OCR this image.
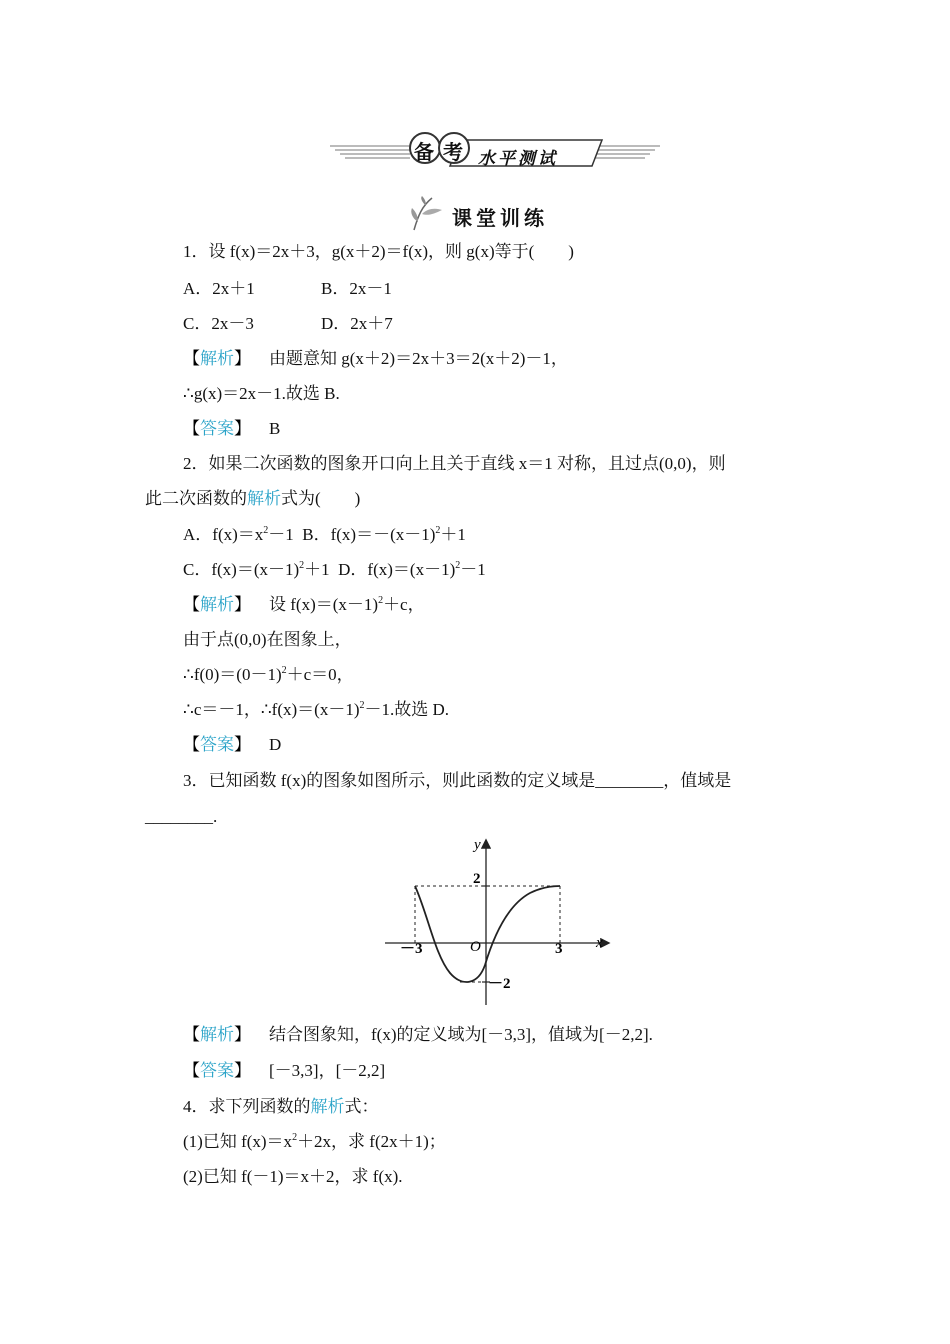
备 考 水平测试
课堂训练
1．设 f(x)＝2x＋3，g(x＋2)＝f(x)，则 g(x)等于(　　)
A．2x＋1	B．2x－1
C．2x－3	D．2x＋7
【解析】 由题意知 g(x＋2)＝2x＋3＝2(x＋2)－1，
∴g(x)＝2x－1.故选 B.
【答案】 B
2．如果二次函数的图象开口向上且关于直线 x＝1 对称，且过点(0,0)，则
此二次函数的解析式为(　　)
A．$f(x)=x^2-1$ B．$f(x)=-(x-1)^2+1$
C．$f(x)=(x-1)^2+1$ D．$f(x)=(x-1)^2-1$
【解析】 设 $f(x)=(x-1)^2+c$，
由于点(0,0)在图象上，
$\therefore f(0)=(0-1)^2+c=0$，
∴c＝－1，$\therefore f(x)=(x-1)^2-1$.故选 D.
【答案】 D
3．已知函数 f(x)的图象如图所示，则此函数的定义域是________，值域是
________.
y
x
O
－3	3
2
－2
【解析】 结合图象知，f(x)的定义域为[－3,3]，值域为[－2,2].
【答案】 [－3,3]，[－2,2]
4．求下列函数的解析式：
(1)已知 $f(x)=x^2+2x$，求 f(2x＋1)；
(2)已知 f(－1)＝x＋2，求 f(x).
